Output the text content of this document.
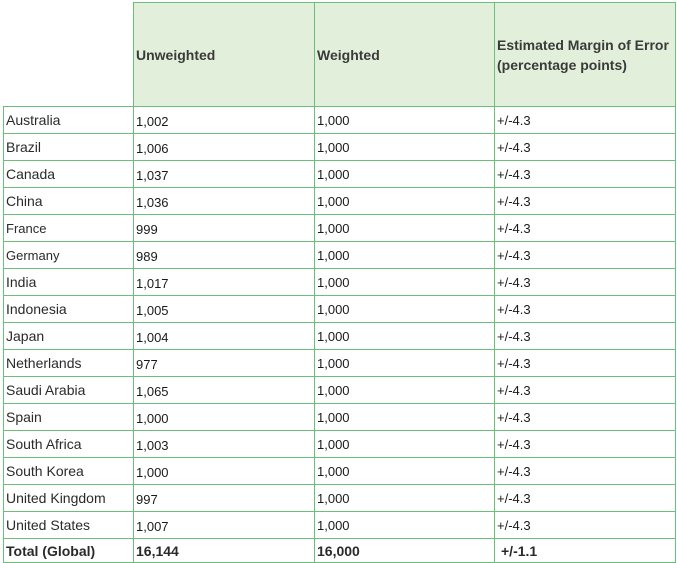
	Unweighted	Weighted	Estimated Margin of Error (percentage points)
Australia	1,002	1,000	+/-4.3
Brazil	1,006	1,000	+/-4.3
Canada	1,037	1,000	+/-4.3
China	1,036	1,000	+/-4.3
France	999	1,000	+/-4.3
Germany	989	1,000	+/-4.3
India	1,017	1,000	+/-4.3
Indonesia	1,005	1,000	+/-4.3
Japan	1,004	1,000	+/-4.3
Netherlands	977	1,000	+/-4.3
Saudi Arabia	1,065	1,000	+/-4.3
Spain	1,000	1,000	+/-4.3
South Africa	1,003	1,000	+/-4.3
South Korea	1,000	1,000	+/-4.3
United Kingdom	997	1,000	+/-4.3
United States	1,007	1,000	+/-4.3
Total (Global)	16,144	16,000	+/-1.1
